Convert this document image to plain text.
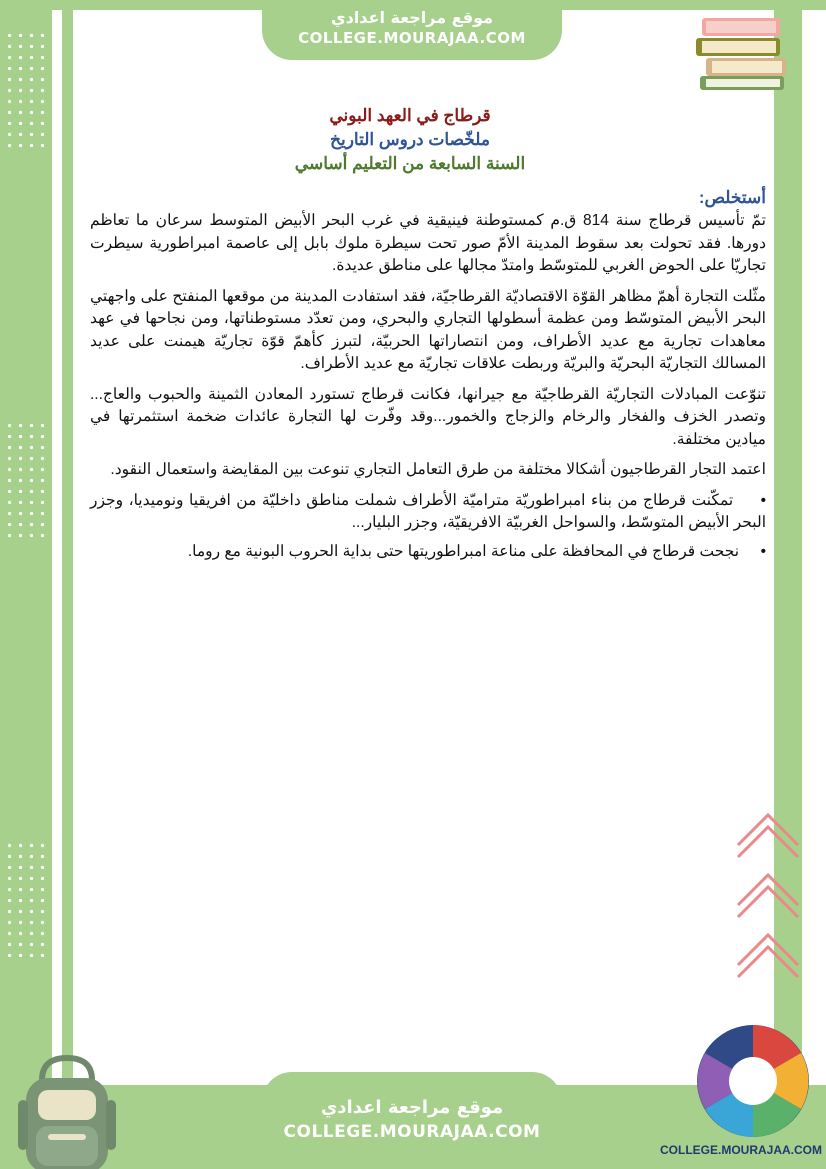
موقع مراجعة اعدادي
COLLEGE.MOURAJAA.COM
قرطاج في العهد البوني
ملخّصات دروس التاريخ
السنة السابعة من التعليم أساسي

أستخلص:

تمّ تأسيس قرطاج سنة 814 ق.م كمستوطنة فينيقية في غرب البحر الأبيض المتوسط سرعان ما تعاظم دورها. فقد تحولت بعد سقوط المدينة الأمّ صور تحت سيطرة ملوك بابل إلى عاصمة امبراطورية سيطرت تجاريّا على الحوض الغربي للمتوسّط وامتدّ مجالها على مناطق عديدة.

مثّلت التجارة أهمّ مظاهر القوّة الاقتصاديّة القرطاجيّة، فقد استفادت المدينة من موقعها المنفتح على واجهتي البحر الأبيض المتوسّط ومن عظمة أسطولها التجاري والبحري، ومن تعدّد مستوطناتها، ومن نجاحها في عهد معاهدات تجارية مع عديد الأطراف، ومن انتصاراتها الحربيّة، لتبرز كأهمّ قوّة تجاريّة هيمنت على عديد المسالك التجاريّة البحريّة والبريّة وربطت علاقات تجاريّة مع عديد الأطراف.

تنوّعت المبادلات التجاريّة القرطاجيّة مع جيرانها، فكانت قرطاج تستورد المعادن الثمينة والحبوب والعاج... وتصدر الخزف والفخار والرخام والزجاج والخمور...وقد وفّرت لها التجارة عائدات ضخمة استثمرتها في ميادين مختلفة.

اعتمد التجار القرطاجيون أشكالا مختلفة من طرق التعامل التجاري تنوعت بين المقايضة واستعمال النقود.

•     تمكّنت قرطاج من بناء امبراطوريّة متراميّة الأطراف شملت مناطق داخليّة من افريقيا ونوميديا، وجزر البحر الأبيض المتوسّط، والسواحل الغربيّة الافريقيّة، وجزر البليار...

•     نجحت قرطاج في المحافظة على مناعة امبراطوريتها حتى بداية الحروب البونية مع روما.

موقع مراجعة اعدادي
COLLEGE.MOURAJAA.COM
COLLEGE.MOURAJAA.COM
